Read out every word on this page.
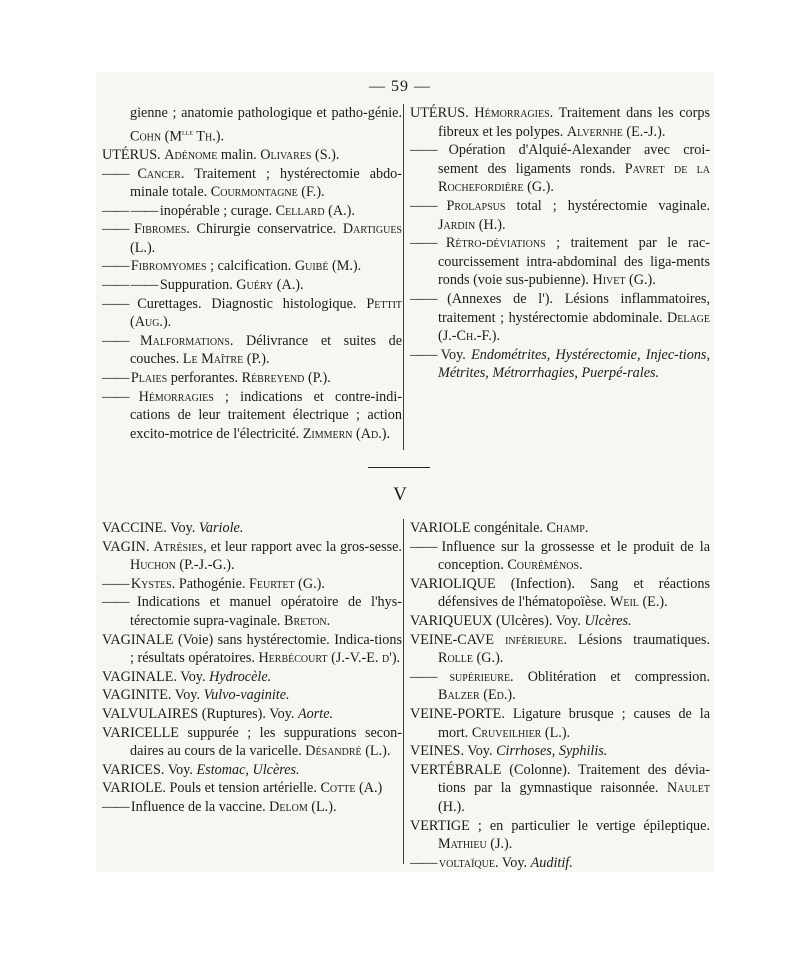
— 59 —
gienne ; anatomie pathologique et patho-génie. Cohn ($M^{lle}$ Th.).
UTÉRUS. Adénome malin. Olivares (S.).
—— Cancer. Traitement ; hystérectomie abdo-minale totale. Courmontagne (F.).
—— —— inopérable ; curage. Cellard (A.).
—— Fibromes. Chirurgie conservatrice. Dartigues (L.).
—— Fibromyomes ; calcification. Guibé (M.).
—— —— Suppuration. Guéry (A.).
—— Curettages. Diagnostic histologique. Pettit (Aug.).
—— Malformations. Délivrance et suites de couches. Le Maître (P.).
—— Plaies perforantes. Rébreyend (P.).
—— Hémorragies ; indications et contre-indi-cations de leur traitement électrique ; action excito-motrice de l'électricité. Zimmern (Ad.).
UTÉRUS. Hémorragies. Traitement dans les corps fibreux et les polypes. Alvernhe (E.-J.).
—— Opération d'Alquié-Alexander avec croi-sement des ligaments ronds. Pavret de la Rochefordière (G.).
—— Prolapsus total ; hystérectomie vaginale. Jardin (H.).
—— Rétro-déviations ; traitement par le rac-courcissement intra-abdominal des liga-ments ronds (voie sus-pubienne). Hivet (G.).
—— (Annexes de l'). Lésions inflammatoires, traitement ; hystérectomie abdominale. Delage (J.-Ch.-F.).
—— Voy. Endométrites, Hystérectomie, Injec-tions, Métrites, Métrorrhagies, Puerpé-rales.
V
VACCINE. Voy. Variole.
VAGIN. Atrésies, et leur rapport avec la gros-sesse. Huchon (P.-J.-G.).
—— Kystes. Pathogénie. Feurtet (G.).
—— Indications et manuel opératoire de l'hys-térectomie supra-vaginale. Breton.
VAGINALE (Voie) sans hystérectomie. Indica-tions ; résultats opératoires. Herbécourt (J.-V.-E. d').
VAGINALE. Voy. Hydrocèle.
VAGINITE. Voy. Vulvo-vaginite.
VALVULAIRES (Ruptures). Voy. Aorte.
VARICELLE suppurée ; les suppurations secon-daires au cours de la varicelle. Désandré (L.).
VARICES. Voy. Estomac, Ulcères.
VARIOLE. Pouls et tension artérielle. Cotte (A.)
—— Influence de la vaccine. Delom (L.).
VARIOLE congénitale. Champ.
—— Influence sur la grossesse et le produit de la conception. Couréménos.
VARIOLIQUE (Infection). Sang et réactions défensives de l'hématopoïèse. Weil (E.).
VARIQUEUX (Ulcères). Voy. Ulcères.
VEINE-CAVE inférieure. Lésions traumatiques. Rolle (G.).
—— supérieure. Oblitération et compression. Balzer (Ed.).
VEINE-PORTE. Ligature brusque ; causes de la mort. Cruveilhier (L.).
VEINES. Voy. Cirrhoses, Syphilis.
VERTÉBRALE (Colonne). Traitement des dévia-tions par la gymnastique raisonnée. Naulet (H.).
VERTIGE ; en particulier le vertige épileptique. Mathieu (J.).
—— voltaïque. Voy. Auditif.
